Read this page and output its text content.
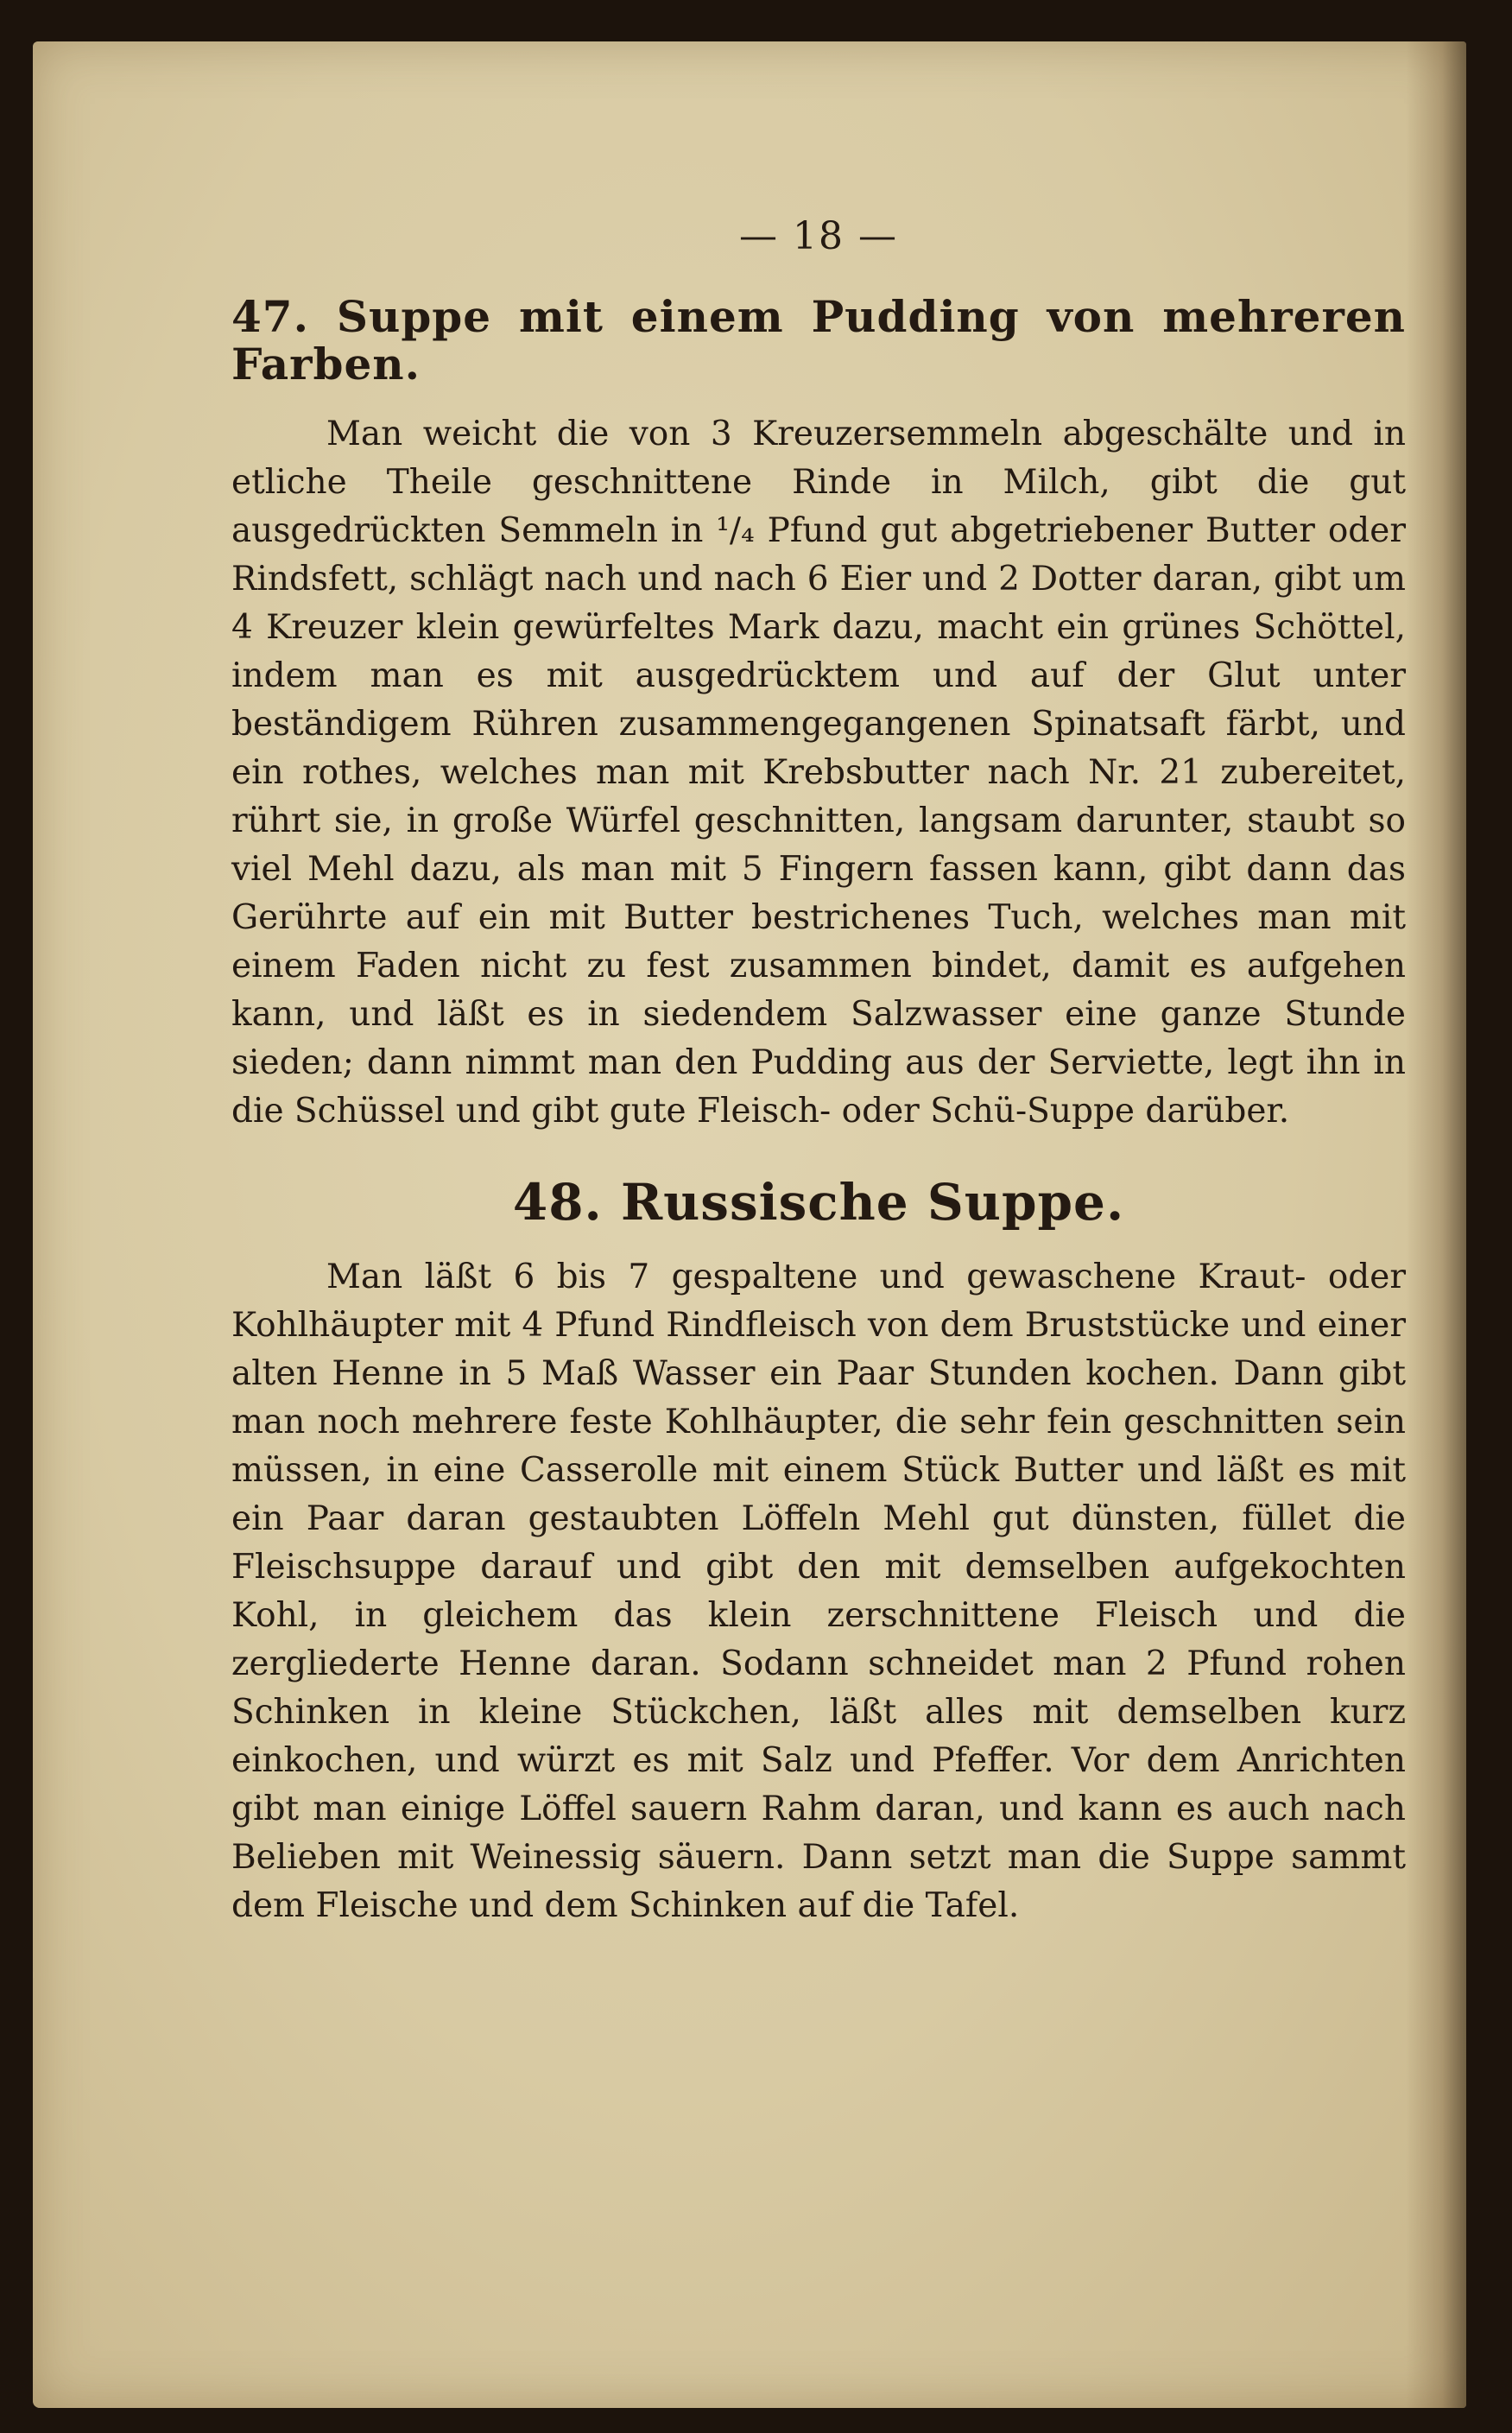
— 18 —
47. Suppe mit einem Pudding von mehreren Farben.

Man weicht die von 3 Kreuzersemmeln abgeschälte und in etliche Theile geschnittene Rinde in Milch, gibt die gut ausgedrückten Semmeln in ¹/₄ Pfund gut abgetriebener Butter oder Rindsfett, schlägt nach und nach 6 Eier und 2 Dotter daran, gibt um 4 Kreuzer klein gewürfeltes Mark dazu, macht ein grünes Schöttel, indem man es mit ausgedrücktem und auf der Glut unter beständigem Rühren zusammengegangenen Spinatsaft färbt, und ein rothes, welches man mit Krebsbutter nach Nr. 21 zubereitet, rührt sie, in große Würfel geschnitten, langsam darunter, staubt so viel Mehl dazu, als man mit 5 Fingern fassen kann, gibt dann das Gerührte auf ein mit Butter bestrichenes Tuch, welches man mit einem Faden nicht zu fest zusammen bindet, damit es aufgehen kann, und läßt es in siedendem Salzwasser eine ganze Stunde sieden; dann nimmt man den Pudding aus der Serviette, legt ihn in die Schüssel und gibt gute Fleisch- oder Schü-Suppe darüber.

48. Russische Suppe.

Man läßt 6 bis 7 gespaltene und gewaschene Kraut- oder Kohlhäupter mit 4 Pfund Rindfleisch von dem Bruststücke und einer alten Henne in 5 Maß Wasser ein Paar Stunden kochen. Dann gibt man noch mehrere feste Kohlhäupter, die sehr fein geschnitten sein müssen, in eine Casserolle mit einem Stück Butter und läßt es mit ein Paar daran gestaubten Löffeln Mehl gut dünsten, füllet die Fleischsuppe darauf und gibt den mit demselben aufgekochten Kohl, in gleichem das klein zerschnittene Fleisch und die zergliederte Henne daran. Sodann schneidet man 2 Pfund rohen Schinken in kleine Stückchen, läßt alles mit demselben kurz einkochen, und würzt es mit Salz und Pfeffer. Vor dem Anrichten gibt man einige Löffel sauern Rahm daran, und kann es auch nach Belieben mit Weinessig säuern. Dann setzt man die Suppe sammt dem Fleische und dem Schinken auf die Tafel.
